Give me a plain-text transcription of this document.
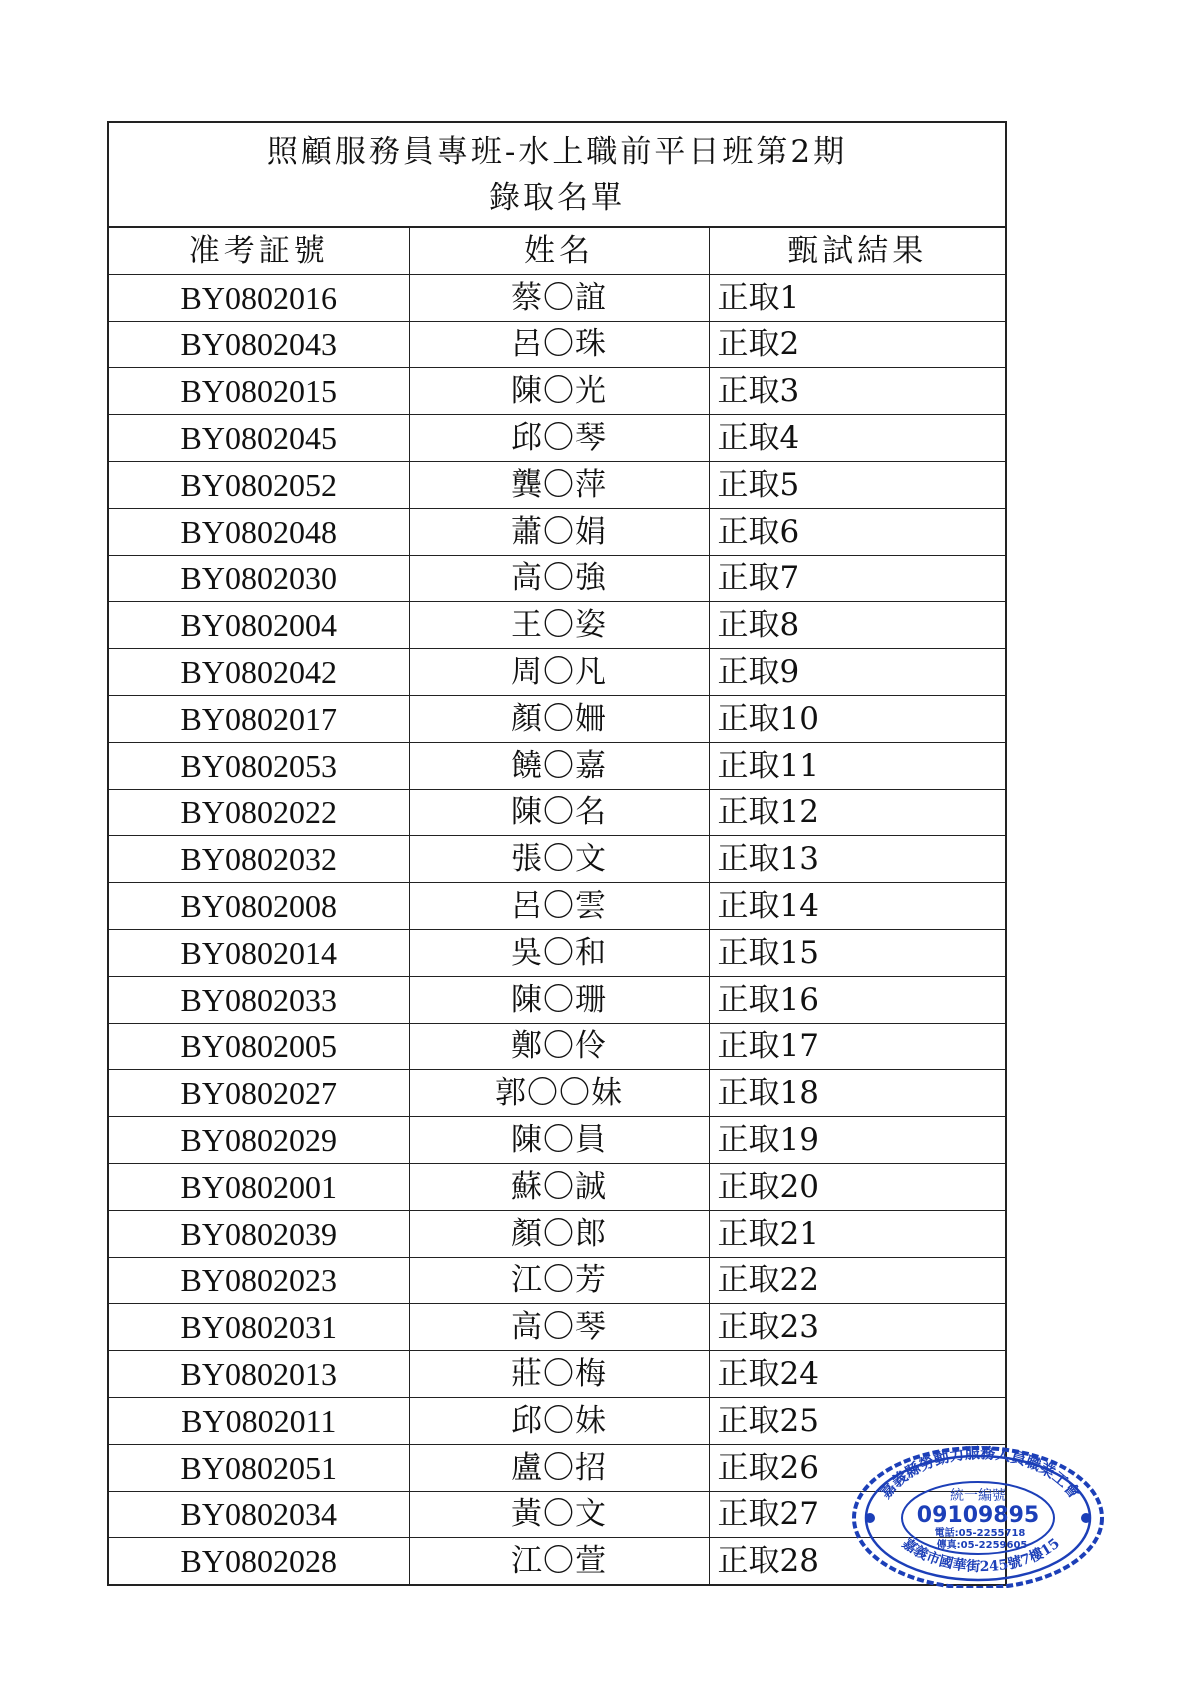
照顧服務員專班-水上職前平日班第2期
錄取名單
准考証號	姓名	甄試結果
BY0802016	蔡〇誼	正取1
BY0802043	呂〇珠	正取2
BY0802015	陳〇光	正取3
BY0802045	邱〇琴	正取4
BY0802052	龔〇萍	正取5
BY0802048	蕭〇娟	正取6
BY0802030	高〇強	正取7
BY0802004	王〇姿	正取8
BY0802042	周〇凡	正取9
BY0802017	顏〇姍	正取10
BY0802053	饒〇嘉	正取11
BY0802022	陳〇名	正取12
BY0802032	張〇文	正取13
BY0802008	呂〇雲	正取14
BY0802014	吳〇和	正取15
BY0802033	陳〇珊	正取16
BY0802005	鄭〇伶	正取17
BY0802027	郭〇〇妹	正取18
BY0802029	陳〇員	正取19
BY0802001	蘇〇誠	正取20
BY0802039	顏〇郎	正取21
BY0802023	江〇芳	正取22
BY0802031	高〇琴	正取23
BY0802013	莊〇梅	正取24
BY0802011	邱〇妹	正取25
BY0802051	盧〇招	正取26
BY0802034	黃〇文	正取27
BY0802028	江〇萱	正取28
嘉義縣勞動力服務人員職業工會
嘉義市國華街245號7樓15
統一編號
09109895
電話:05-2255718
傳真:05-2259605
